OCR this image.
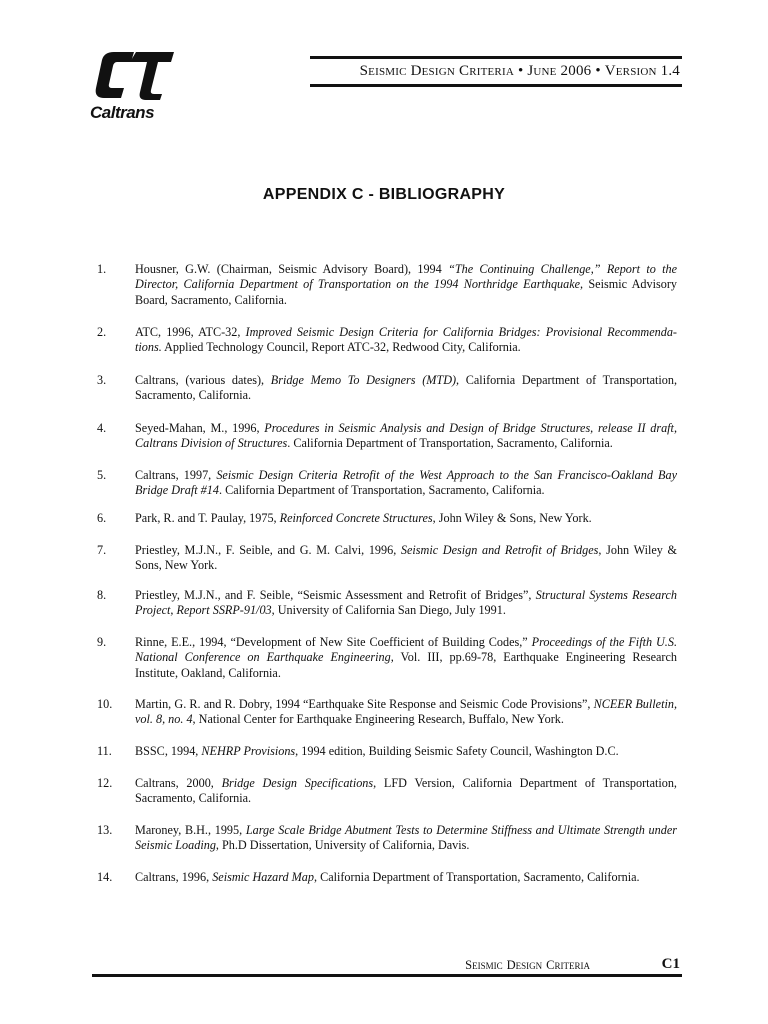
Caltrans
Seismic Design Criteria • June 2006 • Version 1.4
APPENDIX C - BIBLIOGRAPHY
1.	Housner, G.W. (Chairman, Seismic Advisory Board), 1994 “The Continuing Challenge,” Report to the Director, California Department of Transportation on the 1994 Northridge Earthquake, Seismic Advisory Board, Sacramento, California.
2.	ATC, 1996, ATC-32, Improved Seismic Design Criteria for California Bridges: Provisional Recommenda-tions. Applied Technology Council, Report ATC-32, Redwood City, California.
3.	Caltrans, (various dates), Bridge Memo To Designers (MTD), California Department of Transportation, Sacramento, California.
4.	Seyed-Mahan, M., 1996, Procedures in Seismic Analysis and Design of Bridge Structures, release II draft, Caltrans Division of Structures. California Department of Transportation, Sacramento, California.
5.	Caltrans, 1997, Seismic Design Criteria Retrofit of the West Approach to the San Francisco-Oakland Bay Bridge Draft #14. California Department of Transportation, Sacramento, California.
6.	Park, R. and T. Paulay, 1975, Reinforced Concrete Structures, John Wiley & Sons, New York.
7.	Priestley, M.J.N., F. Seible, and G. M. Calvi, 1996, Seismic Design and Retrofit of Bridges, John Wiley & Sons, New York.
8.	Priestley, M.J.N., and F. Seible, “Seismic Assessment and Retrofit of Bridges”, Structural Systems Research Project, Report SSRP-91/03, University of California San Diego, July 1991.
9.	Rinne, E.E., 1994, “Development of New Site Coefficient of Building Codes,” Proceedings of the Fifth U.S. National Conference on Earthquake Engineering, Vol. III, pp.69-78, Earthquake Engineering Research Institute, Oakland, California.
10.	Martin, G. R. and R. Dobry, 1994 “Earthquake Site Response and Seismic Code Provisions”, NCEER Bulletin, vol. 8, no. 4, National Center for Earthquake Engineering Research, Buffalo, New York.
11.	BSSC, 1994, NEHRP Provisions, 1994 edition, Building Seismic Safety Council, Washington D.C.
12.	Caltrans, 2000, Bridge Design Specifications, LFD Version, California Department of Transportation, Sacramento, California.
13.	Maroney, B.H., 1995, Large Scale Bridge Abutment Tests to Determine Stiffness and Ultimate Strength under Seismic Loading, Ph.D Dissertation, University of California, Davis.
14.	Caltrans, 1996, Seismic Hazard Map, California Department of Transportation, Sacramento, California.
Seismic Design Criteria	C1
